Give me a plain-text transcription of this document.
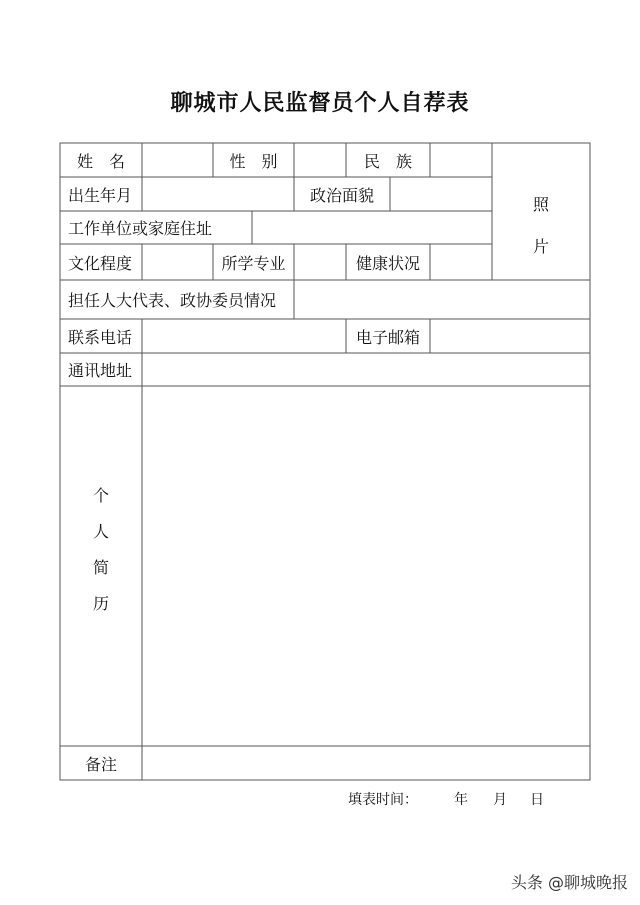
聊城市人民监督员个人自荐表
姓　名	性　别	民　族
照
片
出生年月	政治面貌
工作单位或家庭住址
文化程度	所学专业	健康状况
担任人大代表、政协委员情况
联系电话	电子邮箱
通讯地址
个
人
简
历
备注
填表时间：	年 月 日
头条 @聊城晚报
